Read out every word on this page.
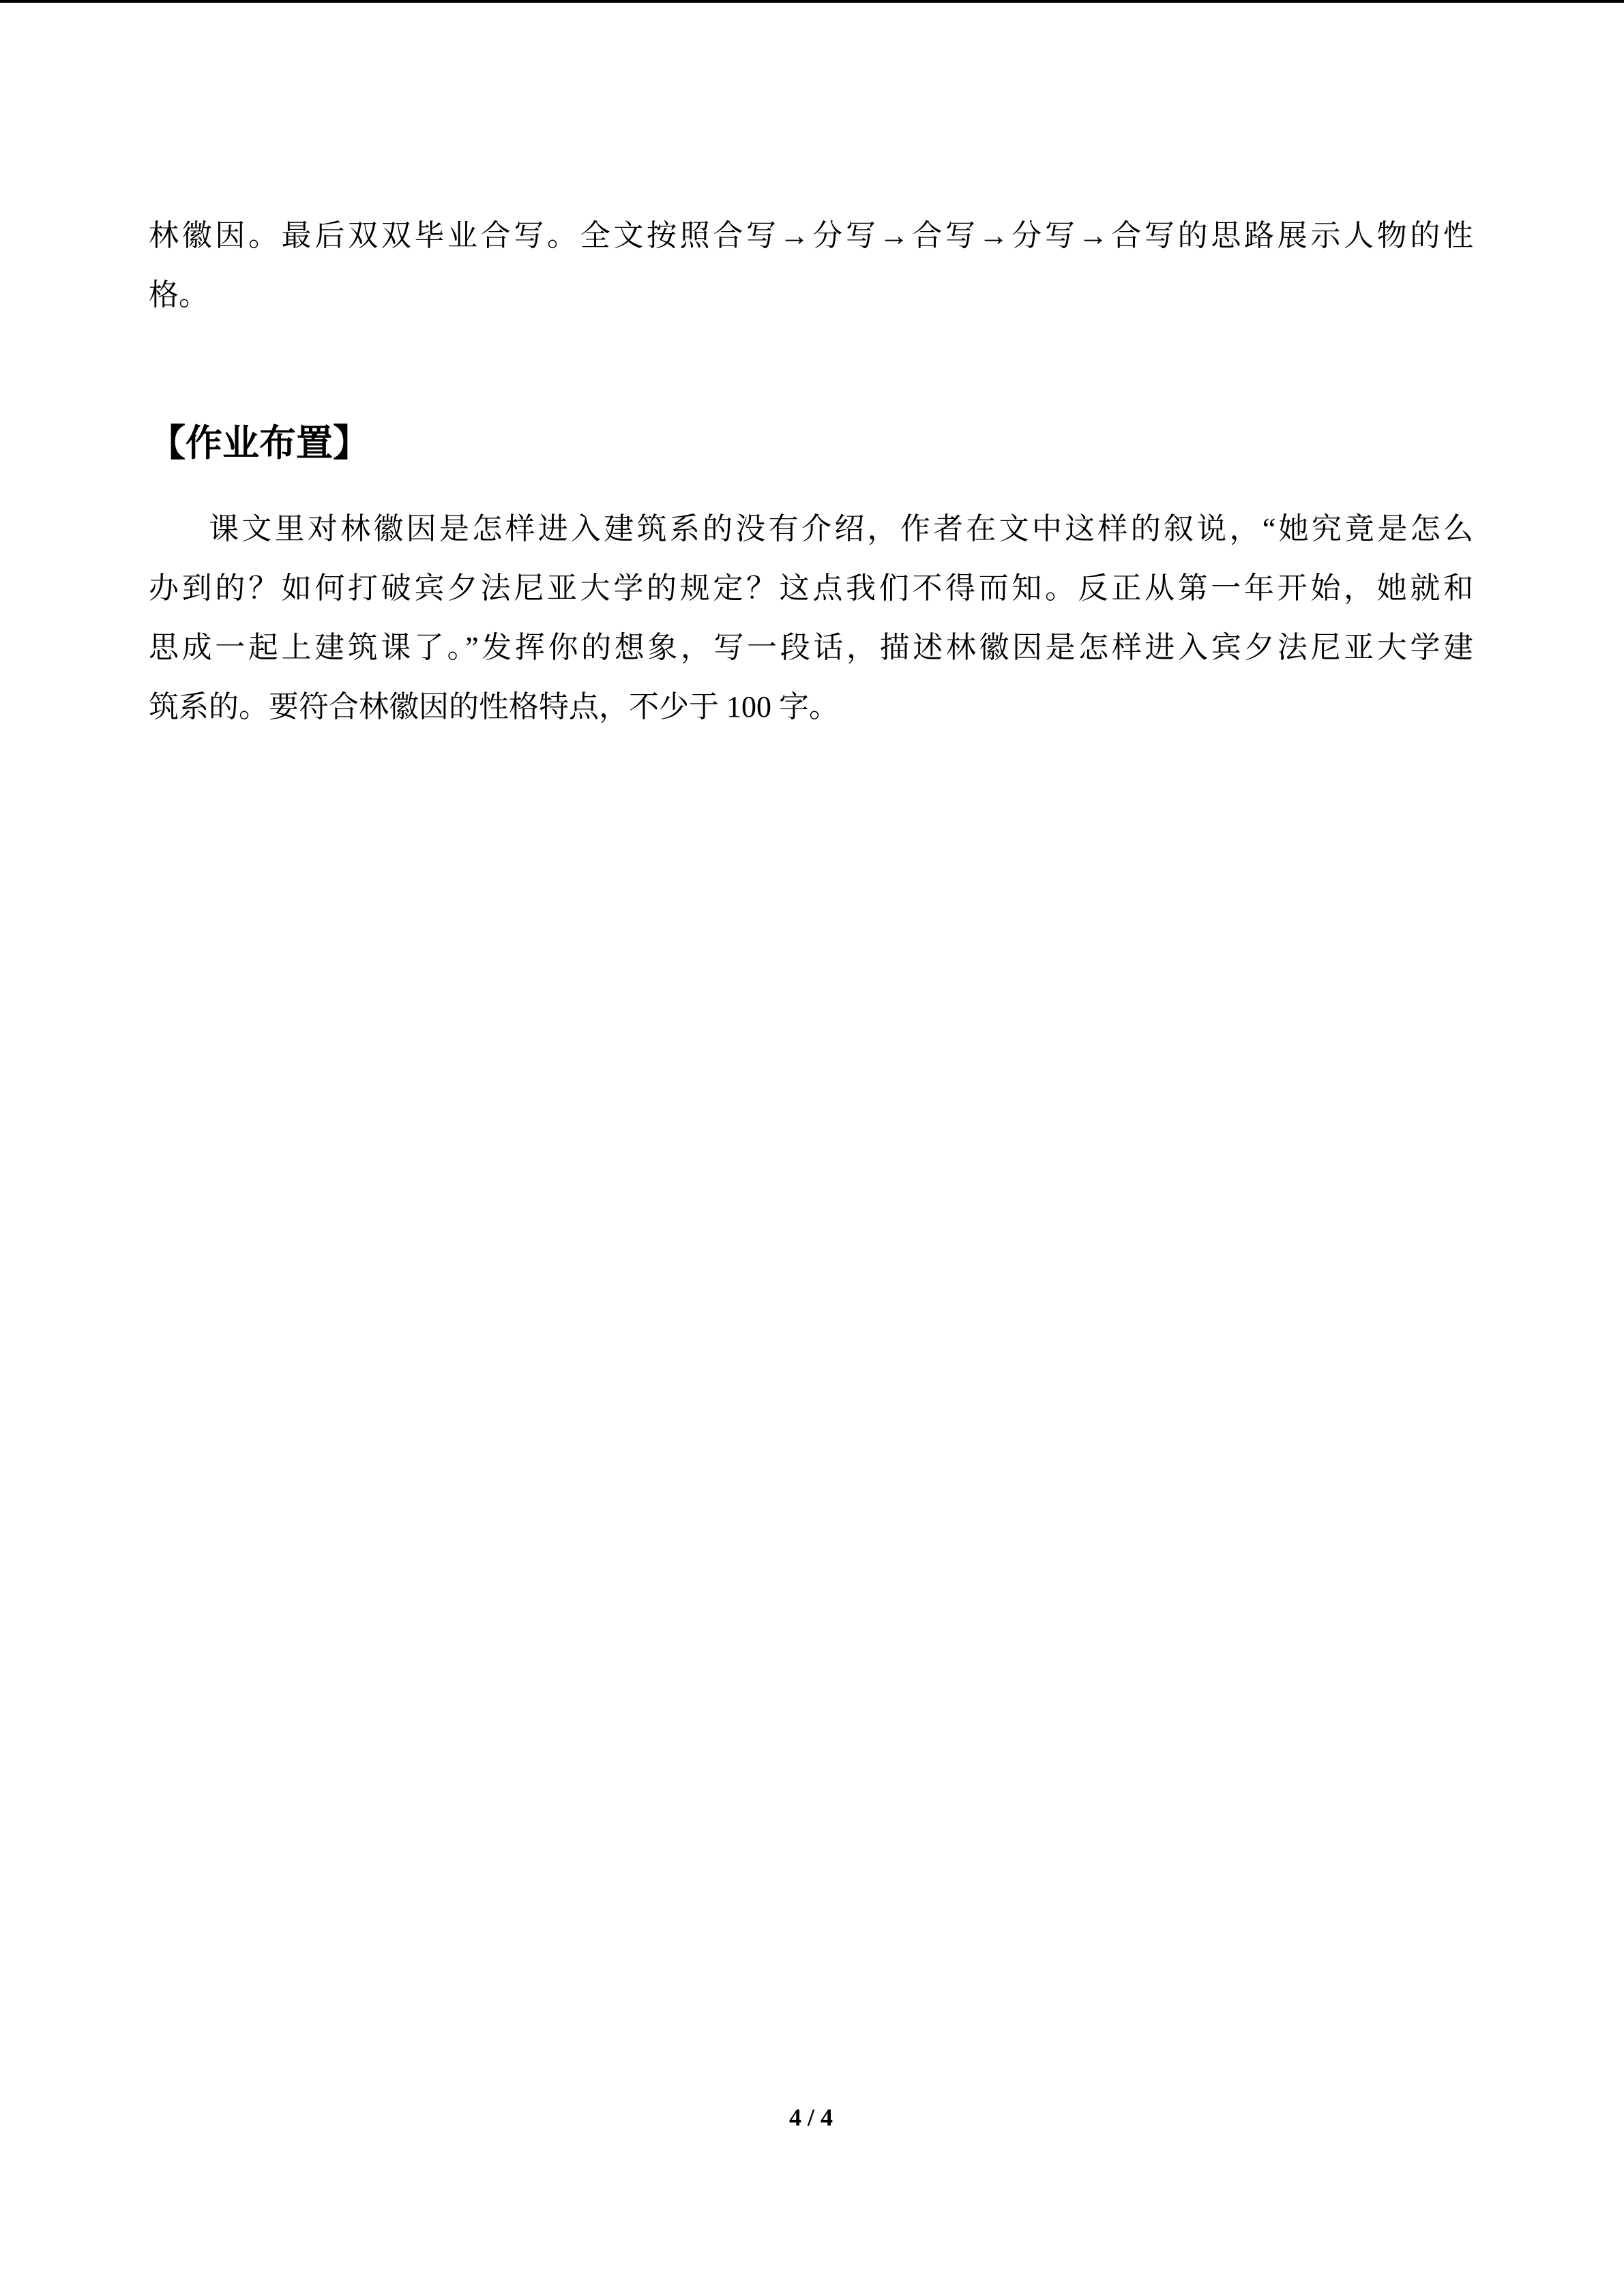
林徽因。最后双双毕业合写。全文按照合写→分写→合写→分写→合写的思路展示人物的性
格。
【作业布置】
课文里对林徽因是怎样进入建筑系的没有介绍，作者在文中这样的叙说，“她究竟是怎么
办到的？如何打破宾夕法尼亚大学的规定？这点我们不得而知。反正从第一年开始，她就和
思成一起上建筑课了。”发挥你的想象，写一段话，描述林徽因是怎样进入宾夕法尼亚大学建
筑系的。要符合林徽因的性格特点，不少于 100 字。
4 / 4
